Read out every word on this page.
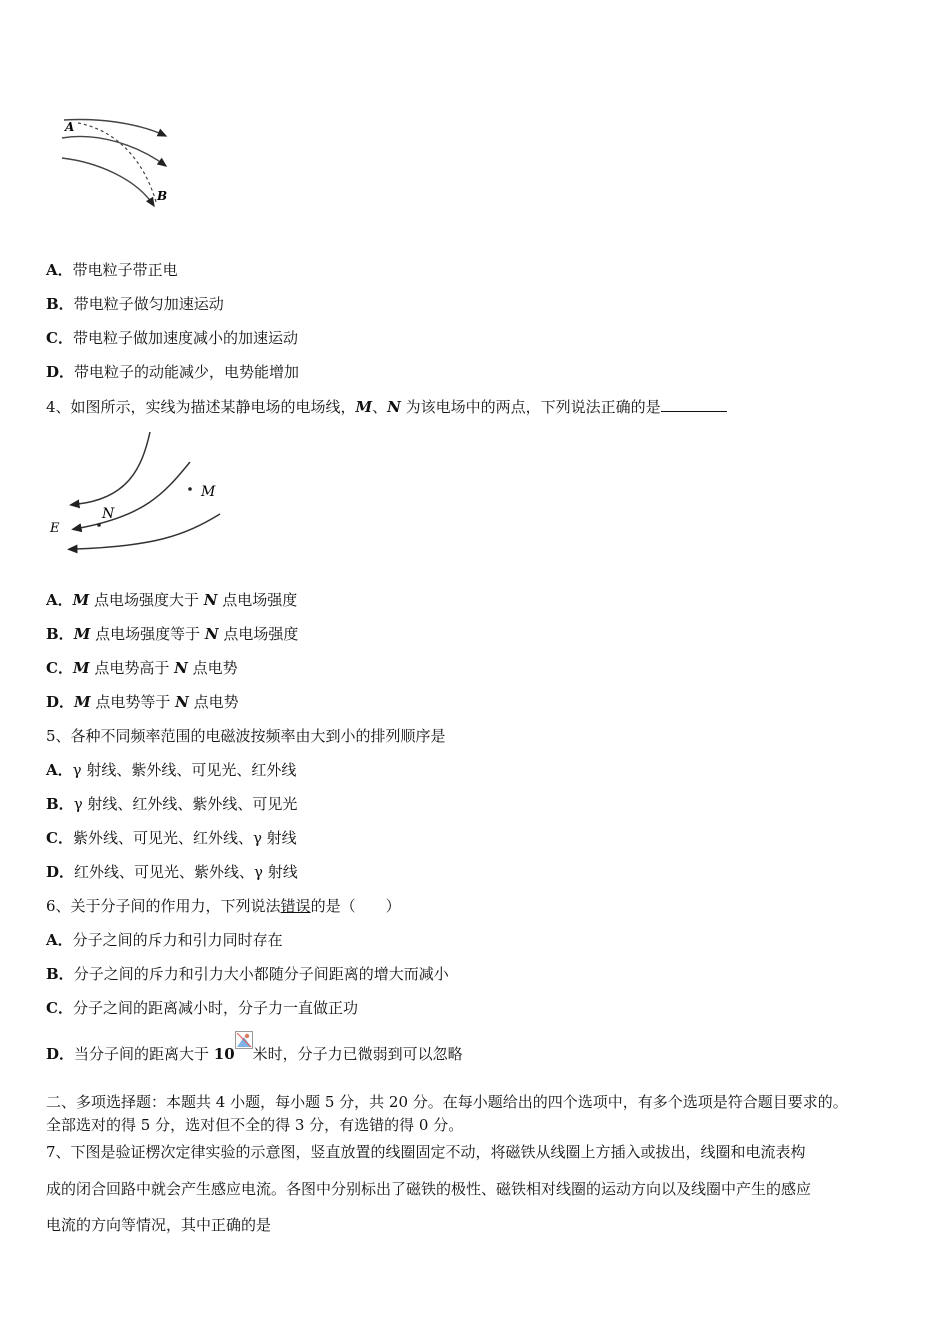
A
B
A．带电粒子带正电
B．带电粒子做匀加速运动
C．带电粒子做加速度减小的加速运动
D．带电粒子的动能减少，电势能增加
4、如图所示，实线为描述某静电场的电场线，M、N 为该电场中的两点，下列说法正确的是
M
N
E
A．M 点电场强度大于 N 点电场强度
B．M 点电场强度等于 N 点电场强度
C．M 点电势高于 N 点电势
D．M 点电势等于 N 点电势
5、各种不同频率范围的电磁波按频率由大到小的排列顺序是
A．γ 射线、紫外线、可见光、红外线
B．γ 射线、红外线、紫外线、可见光
C．紫外线、可见光、红外线、γ 射线
D．红外线、可见光、紫外线、γ 射线
6、关于分子间的作用力，下列说法错误的是（　　）
A．分子之间的斥力和引力同时存在
B．分子之间的斥力和引力大小都随分子间距离的增大而减小
C．分子之间的距离减小时，分子力一直做正功
D．当分子间的距离大于 10 米时，分子力已微弱到可以忽略
二、多项选择题：本题共 4 小题，每小题 5 分，共 20 分。在每小题给出的四个选项中，有多个选项是符合题目要求的。
全部选对的得 5 分，选对但不全的得 3 分，有选错的得 0 分。
7、下图是验证楞次定律实验的示意图，竖直放置的线圈固定不动，将磁铁从线圈上方插入或拔出，线圈和电流表构
成的闭合回路中就会产生感应电流。各图中分别标出了磁铁的极性、磁铁相对线圈的运动方向以及线圈中产生的感应
电流的方向等情况，其中正确的是
